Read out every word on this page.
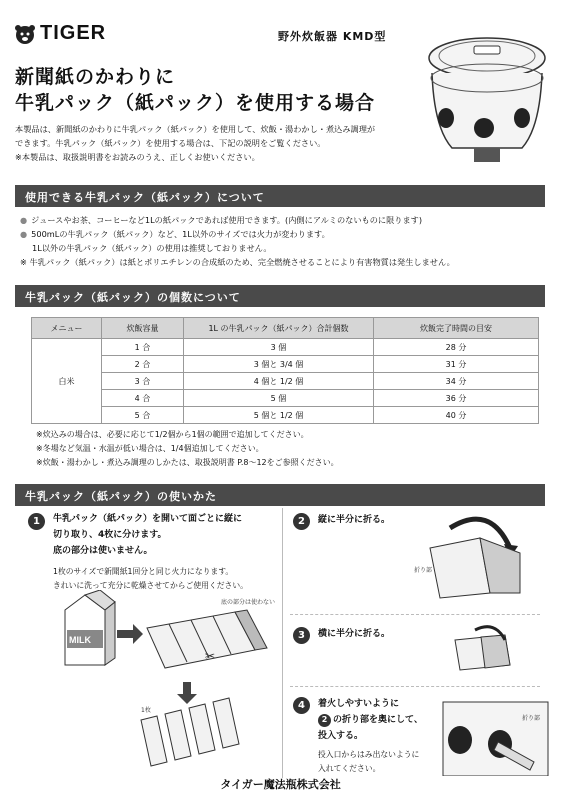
TIGER	野外炊飯器 KMD型
新聞紙のかわりに
牛乳パック（紙パック）を使用する場合
本製品は、新聞紙のかわりに牛乳パック（紙パック）を使用して、炊飯・湯わかし・煮込み調理が
できます。牛乳パック（紙パック）を使用する場合は、下記の説明をご覧ください。
※本製品は、取扱説明書をお読みのうえ、正しくお使いください。
使用できる牛乳パック（紙パック）について
● ジュースやお茶、コーヒーなど1Lの紙パックであれば使用できます。(内側にアルミのないものに限ります)
● 500mLの牛乳パック（紙パック）など、1L以外のサイズでは火力が変わります。
1L以外の牛乳パック（紙パック）の使用は推奨しておりません。
※ 牛乳パック（紙パック）は紙とポリエチレンの合成紙のため、完全燃焼させることにより有害物質は発生しません。
牛乳パック（紙パック）の個数について
メニュー	炊飯容量	1L の牛乳パック（紙パック）合計個数	炊飯完了時間の目安
白米	1 合	3 個	28 分
	2 合	3 個と 3/4 個	31 分
	3 合	4 個と 1/2 個	34 分
	4 合	5 個	36 分
	5 合	5 個と 1/2 個	40 分
※炊込みの場合は、必要に応じて1/2個から1個の範囲で追加してください。
※冬場など気温・水温が低い場合は、1/4個追加してください。
※炊飯・湯わかし・煮込み調理のしかたは、取扱説明書 P.8～12をご参照ください。
牛乳パック（紙パック）の使いかた
1	牛乳パック（紙パック）を開いて面ごとに縦に
切り取り、4枚に分けます。
底の部分は使いません。
1枚のサイズで新聞紙1回分と同じ火力になります。
きれいに洗って充分に乾燥させてからご使用ください。
MILK
底の部分は使わない
✂
1枚
2	縦に半分に折る。
折り部
3	横に半分に折る。
4	着火しやすいように
2 の折り部を奥にして、
投入する。
投入口からはみ出ないように
入れてください。
折り部
タイガー魔法瓶株式会社
